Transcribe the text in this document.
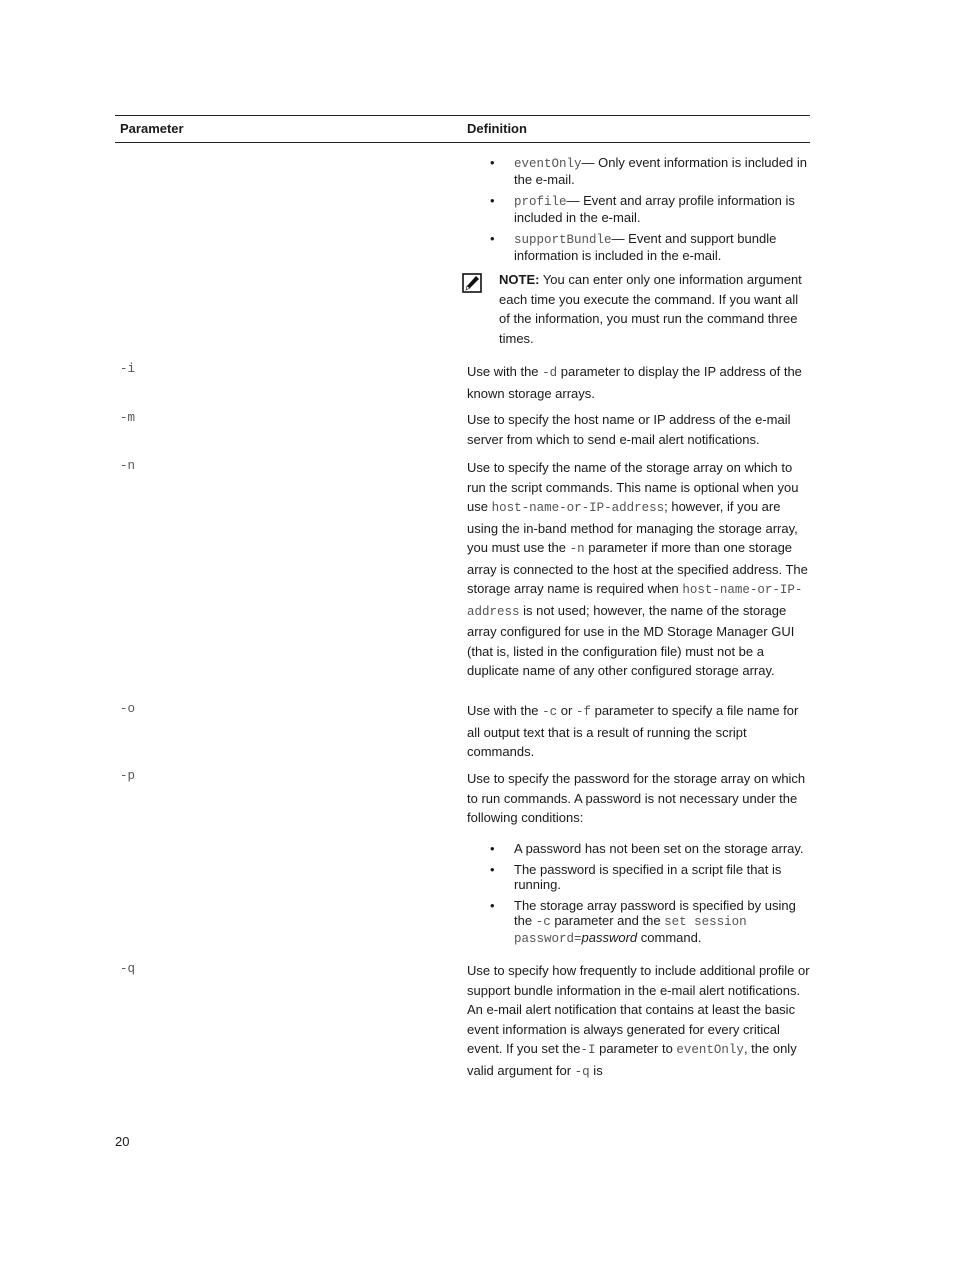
Parameter	Definition
• eventOnly— Only event information is included in the e-mail.
• profile— Event and array profile information is included in the e-mail.
• supportBundle— Event and support bundle information is included in the e-mail.
NOTE: You can enter only one information argument each time you execute the command. If you want all of the information, you must run the command three times.
-i	Use with the -d parameter to display the IP address of the known storage arrays.
-m	Use to specify the host name or IP address of the e-mail server from which to send e-mail alert notifications.
-n	Use to specify the name of the storage array on which to run the script commands. This name is optional when you use host-name-or-IP-address; however, if you are using the in-band method for managing the storage array, you must use the -n parameter if more than one storage array is connected to the host at the specified address. The storage array name is required when host-name-or-IP-address is not used; however, the name of the storage array configured for use in the MD Storage Manager GUI (that is, listed in the configuration file) must not be a duplicate name of any other configured storage array.
-o	Use with the -c or -f parameter to specify a file name for all output text that is a result of running the script commands.
-p	Use to specify the password for the storage array on which to run commands. A password is not necessary under the following conditions:
• A password has not been set on the storage array.
• The password is specified in a script file that is running.
• The storage array password is specified by using the -c parameter and the set session password=password command.
-q	Use to specify how frequently to include additional profile or support bundle information in the e-mail alert notifications. An e-mail alert notification that contains at least the basic event information is always generated for every critical event. If you set the-I parameter to eventOnly, the only valid argument for -q is
20
